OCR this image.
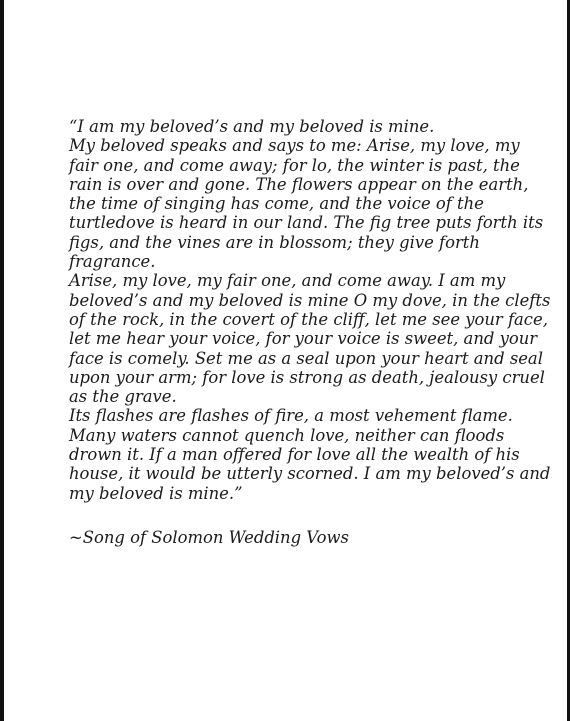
“I am my beloved’s and my beloved is mine.
My beloved speaks and says to me: Arise, my love, my
fair one, and come away; for lo, the winter is past, the
rain is over and gone. The flowers appear on the earth,
the time of singing has come, and the voice of the
turtledove is heard in our land. The fig tree puts forth its
figs, and the vines are in blossom; they give forth
fragrance.
Arise, my love, my fair one, and come away. I am my
beloved’s and my beloved is mine O my dove, in the clefts
of the rock, in the covert of the cliff, let me see your face,
let me hear your voice, for your voice is sweet, and your
face is comely. Set me as a seal upon your heart and seal
upon your arm; for love is strong as death, jealousy cruel
as the grave.
Its flashes are flashes of fire, a most vehement flame.
Many waters cannot quench love, neither can floods
drown it. If a man offered for love all the wealth of his
house, it would be utterly scorned. I am my beloved’s and
my beloved is mine.”
~Song of Solomon Wedding Vows
